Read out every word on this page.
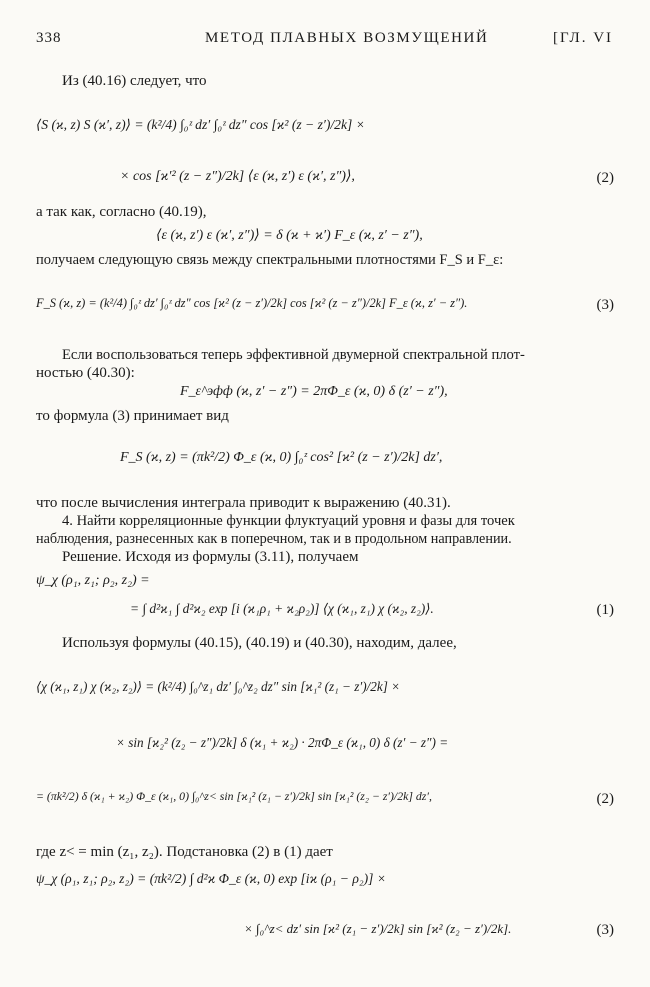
338	МЕТОД ПЛАВНЫХ ВОЗМУЩЕНИЙ	[ГЛ. VI
Из (40.16) следует, что
⟨S (ϰ, z) S (ϰ′, z)⟩ = (k²/4) ∫₀ᶻ dz′ ∫₀ᶻ dz″ cos [ϰ² (z − z′)/2k] ×
× cos [ϰ′² (z − z″)/2k] ⟨ε (ϰ, z′) ε (ϰ′, z″)⟩,	(2)
а так как, согласно (40.19),
⟨ε (ϰ, z′) ε (ϰ′, z″)⟩ = δ (ϰ + ϰ′) F_ε (ϰ, z′ − z″),
получаем следующую связь между спектральными плотностями F_S и F_ε:
F_S (ϰ, z) = (k²/4) ∫₀ᶻ dz′ ∫₀ᶻ dz″ cos [ϰ² (z − z′)/2k] cos [ϰ² (z − z″)/2k] F_ε (ϰ, z′ − z″).	(3)
Если воспользоваться теперь эффективной двумерной спектральной плот-
ностью (40.30):
F_ε^эфф (ϰ, z′ − z″) = 2πΦ_ε (ϰ, 0) δ (z′ − z″),
то формула (3) принимает вид
F_S (ϰ, z) = (πk²/2) Φ_ε (ϰ, 0) ∫₀ᶻ cos² [ϰ² (z − z′)/2k] dz′,
что после вычисления интеграла приводит к выражению (40.31).
4. Найти корреляционные функции флуктуаций уровня и фазы для точек
наблюдения, разнесенных как в поперечном, так и в продольном направлении.
Решение. Исходя из формулы (3.11), получаем
ψ_χ (ρ₁, z₁; ρ₂, z₂) =
= ∫ d²ϰ₁ ∫ d²ϰ₂ exp [i (ϰ₁ρ₁ + ϰ₂ρ₂)] ⟨χ (ϰ₁, z₁) χ (ϰ₂, z₂)⟩.	(1)
Используя формулы (40.15), (40.19) и (40.30), находим, далее,
⟨χ (ϰ₁, z₁) χ (ϰ₂, z₂)⟩ = (k²/4) ∫₀^z₁ dz′ ∫₀^z₂ dz″ sin [ϰ₁² (z₁ − z′)/2k] ×
× sin [ϰ₂² (z₂ − z″)/2k] δ (ϰ₁ + ϰ₂) · 2πΦ_ε (ϰ₁, 0) δ (z′ − z″) =
= (πk²/2) δ (ϰ₁ + ϰ₂) Φ_ε (ϰ₁, 0) ∫₀^z< sin [ϰ₁² (z₁ − z′)/2k] sin [ϰ₁² (z₂ − z′)/2k] dz′,	(2)
где z< = min (z₁, z₂). Подстановка (2) в (1) дает
ψ_χ (ρ₁, z₁; ρ₂, z₂) = (πk²/2) ∫ d²ϰ Φ_ε (ϰ, 0) exp [iϰ (ρ₁ − ρ₂)] ×
× ∫₀^z< dz′ sin [ϰ² (z₁ − z′)/2k] sin [ϰ² (z₂ − z′)/2k].	(3)
